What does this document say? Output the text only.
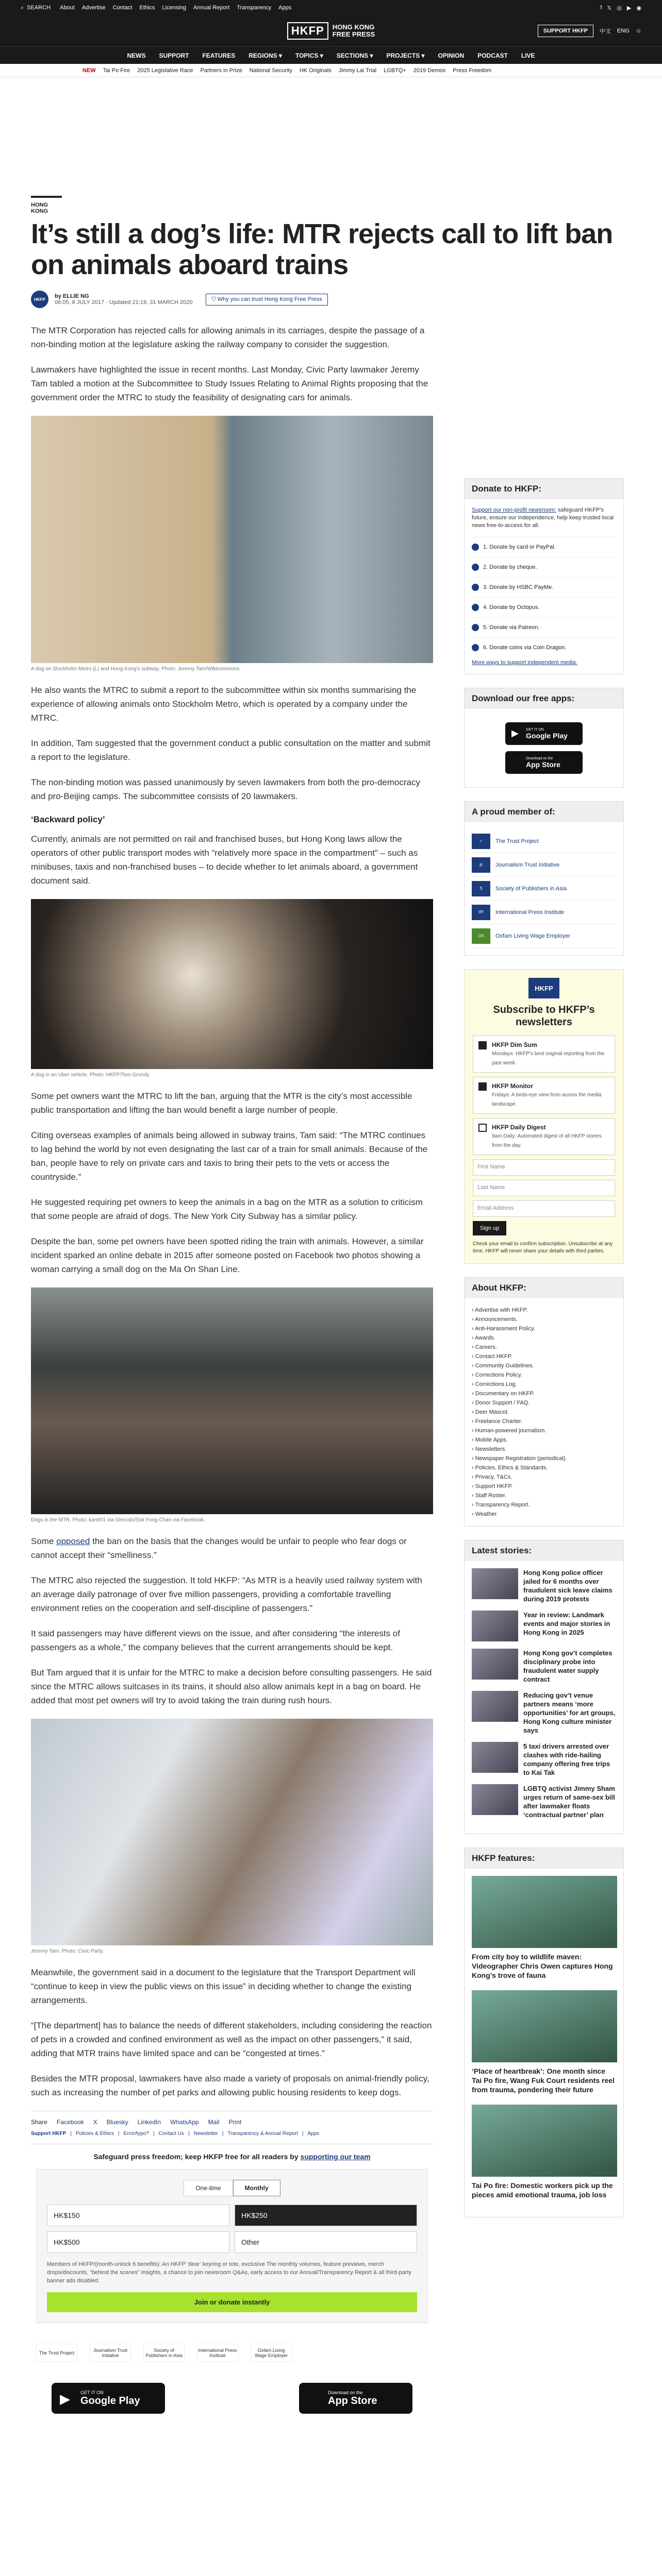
⌕ SEARCH About Advertise Contact Ethics Licensing Annual Report Transparency Apps	f 𝕏 ◎ ▶ ◉
HKFP	HONG KONG
FREE PRESS	SUPPORT HKFP	中文 ENG ☺
NEWS SUPPORT FEATURES REGIONS ▾ TOPICS ▾ SECTIONS ▾ PROJECTS ▾ OPINION PODCAST LIVE
NEW Tai Po Fire 2025 Legislative Race Partners in Prize National Security HK Originals Jimmy Lai Trial LGBTQ+ 2019 Demos Press Freedom
HONG KONG
It’s still a dog’s life: MTR rejects call to lift ban on animals aboard trains
HKFP	by ELLIE NG
06:05, 8 JULY 2017 · Updated 21:19, 31 MARCH 2020
⛉ Why you can trust Hong Kong Free Press

The MTR Corporation has rejected calls for allowing animals in its carriages, despite the passage of a non-binding motion at the legislature asking the railway company to consider the suggestion.

Lawmakers have highlighted the issue in recent months. Last Monday, Civic Party lawmaker Jeremy Tam tabled a motion at the Subcommittee to Study Issues Relating to Animal Rights proposing that the government order the MTRC to study the feasibility of designating cars for animals.

A dog on Stockholm Metro (L) and Hong Kong’s subway. Photo: Jeremy Tam/Wikicommons.

He also wants the MTRC to submit a report to the subcommittee within six months summarising the experience of allowing animals onto Stockholm Metro, which is operated by a company under the MTRC.

In addition, Tam suggested that the government conduct a public consultation on the matter and submit a report to the legislature.

The non-binding motion was passed unanimously by seven lawmakers from both the pro-democracy and pro-Beijing camps. The subcommittee consists of 20 lawmakers.

‘Backward policy’

Currently, animals are not permitted on rail and franchised buses, but Hong Kong laws allow the operators of other public transport modes with “relatively more space in the compartment” – such as minibuses, taxis and non-franchised buses – to decide whether to let animals aboard, a government document said.

A dog in an Uber vehicle. Photo: HKFP/Tom Grundy.

Some pet owners want the MTRC to lift the ban, arguing that the MTR is the city’s most accessible public transportation and lifting the ban would benefit a large number of people.

Citing overseas examples of animals being allowed in subway trains, Tam said: “The MTRC continues to lag behind the world by not even designating the last car of a train for small animals. Because of the ban, people have to rely on private cars and taxis to bring their pets to the vets or access the countryside.”

He suggested requiring pet owners to keep the animals in a bag on the MTR as a solution to criticism that some people are afraid of dogs. The New York City Subway has a similar policy.

Despite the ban, some pet owners have been spotted riding the train with animals. However, a similar incident sparked an online debate in 2015 after someone posted on Facebook two photos showing a woman carrying a small dog on the Ma On Shan Line.

Dogs in the MTR. Photo: kan001 via Stecodo/Sok Fong Chan via Facebook.

Some opposed the ban on the basis that the changes would be unfair to people who fear dogs or cannot accept their “smelliness.”

The MTRC also rejected the suggestion. It told HKFP: “As MTR is a heavily used railway system with an average daily patronage of over five million passengers, providing a comfortable travelling environment relies on the cooperation and self-discipline of passengers.”

It said passengers may have different views on the issue, and after considering “the interests of passengers as a whole,” the company believes that the current arrangements should be kept.

But Tam argued that it is unfair for the MTRC to make a decision before consulting passengers. He said since the MTRC allows suitcases in its trains, it should also allow animals kept in a bag on board. He added that most pet owners will try to avoid taking the train during rush hours.

Jeremy Tam. Photo: Civic Party.

Meanwhile, the government said in a document to the legislature that the Transport Department will “continue to keep in view the public views on this issue” in deciding whether to change the existing arrangements.

“[The department] has to balance the needs of different stakeholders, including considering the reaction of pets in a crowded and confined environment as well as the impact on other passengers,” it said, adding that MTR trains have limited space and can be “congested at times.”

Besides the MTR proposal, lawmakers have also made a variety of proposals on animal-friendly policy, such as increasing the number of pet parks and allowing public housing residents to keep dogs.

Share Facebook X Bluesky LinkedIn WhatsApp Mail Print
Support HKFP | Policies & Ethics | Error/typo? | Contact Us | Newsletter | Transparency & Annual Report | Apps
Safeguard press freedom; keep HKFP free for all readers by supporting our team
One-time	Monthly
HK$150	HK$250
HK$500	Other
Members of HKFP/(month-unlock 6 benefits): An HKFP ‘dear’ keyring or tote, exclusive The monthly volumes, feature previews, merch drops/discounts, “behind the scenes” insights, a chance to join newsroom Q&As, early access to our Annual/Transparency Report & all third-party banner ads disabled.
Join or donate instantly
The Trust Project	Journalism Trust Initiative
Society of Publishers in Asia
International Press Institute
Oxfam Living Wage Employer
▶ GET IT ON
Google Play
Download on the
App Store
Donate to HKFP:
Support our non-profit newsroom: safeguard HKFP’s future, ensure our independence, help keep trusted local news free-to-access for all.
1. Donate by card or PayPal.
2. Donate by cheque.
3. Donate by HSBC PayMe.
4. Donate by Octopus.
5. Donate via Patreon.
6. Donate coins via Coin Dragon.
More ways to support independent media.
Download our free apps:
▶ GET IT ON
Google Play
Download on the
App Store
A proud member of:
✓	The Trust Project
jti	Journalism Trust Initiative
S	Society of Publishers in Asia
IPI	International Press Institute
OX	Oxfam Living Wage Employer
HKFP
Subscribe to HKFP’s newsletters
HKFP Dim Sum
Mondays: HKFP’s best original reporting from the past week.
HKFP Monitor
Fridays: A birds-eye view from across the media landscape.
HKFP Daily Digest
9am Daily: Automated digest of all HKFP stories from the day.
First Name
Last Name
Email Address
Sign up
Check your email to confirm subscription. Unsubscribe at any time. HKFP will never share your details with third parties.
About HKFP:
› Advertise with HKFP.
› Announcements.
› Anti-Harassment Policy.
› Awards.
› Careers.
› Contact HKFP.
› Community Guidelines.
› Corrections Policy.
› Corrections Log.
› Documentary on HKFP.
› Donor Support / FAQ.
› Deer Mascot.
› Freelance Charter.
› Human-powered journalism.
› Mobile Apps.
› Newsletters.
› Newspaper Registration (periodical).
› Policies, Ethics & Standards.
› Privacy, T&Cs.
› Support HKFP.
› Staff Roster.
› Transparency Report.
› Weather.
Latest stories:
Hong Kong police officer jailed for 6 months over fraudulent sick leave claims during 2019 protests
Year in review: Landmark events and major stories in Hong Kong in 2025
Hong Kong gov’t completes disciplinary probe into fraudulent water supply contract
Reducing gov’t venue partners means ‘more opportunities’ for art groups, Hong Kong culture minister says
5 taxi drivers arrested over clashes with ride-hailing company offering free trips to Kai Tak
LGBTQ activist Jimmy Sham urges return of same-sex bill after lawmaker floats ‘contractual partner’ plan
HKFP features:
From city boy to wildlife maven: Videographer Chris Owen captures Hong Kong’s trove of fauna
‘Place of heartbreak’: One month since Tai Po fire, Wang Fuk Court residents reel from trauma, pondering their future
Tai Po fire: Domestic workers pick up the pieces amid emotional trauma, job loss
